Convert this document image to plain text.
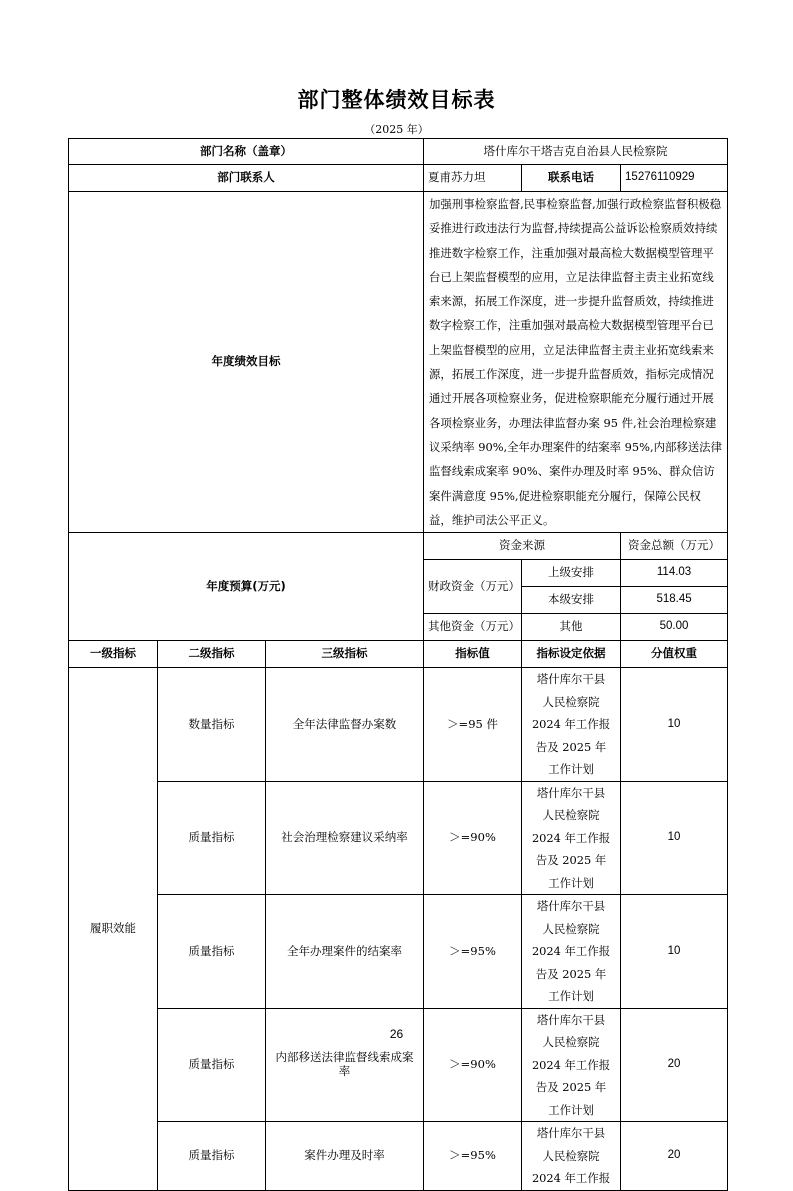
部门整体绩效目标表
（2025 年）
部门名称（盖章）			塔什库尔干塔吉克自治县人民检察院		
部门联系人			夏甫苏力坦	联系电话	15276110929
年度绩效目标			加强刑事检察监督,民事检察监督,加强行政检察监督积极稳妥推进行政违法行为监督,持续提高公益诉讼检察质效持续推进数字检察工作，注重加强对最高检大数据模型管理平台已上架监督模型的应用，立足法律监督主责主业拓宽线索来源，拓展工作深度，进一步提升监督质效，持续推进数字检察工作，注重加强对最高检大数据模型管理平台已上架监督模型的应用，立足法律监督主责主业拓宽线索来源，拓展工作深度，进一步提升监督质效，指标完成情况通过开展各项检察业务，促进检察职能充分履行通过开展各项检察业务，办理法律监督办案 95 件,社会治理检察建议采纳率 90%,全年办理案件的结案率 95%,内部移送法律监督线索成案率 90%、案件办理及时率 95%、群众信访案件满意度 95%,促进检察职能充分履行，保障公民权益，维护司法公平正义。		
年度预算(万元)			资金来源		资金总额（万元）
			财政资金（万元）	上级安排	114.03
				本级安排	518.45
			其他资金（万元）	其他	50.00
一级指标	二级指标	三级指标	指标值	指标设定依据	分值权重
履职效能	数量指标	全年法律监督办案数	＞=95 件	塔什库尔干县
人民检察院
2024 年工作报
告及 2025 年
工作计划	10
	质量指标	社会治理检察建议采纳率	＞=90%	塔什库尔干县
人民检察院
2024 年工作报
告及 2025 年
工作计划	10
	质量指标	全年办理案件的结案率	＞=95%	塔什库尔干县
人民检察院
2024 年工作报
告及 2025 年
工作计划	10
	质量指标	内部移送法律监督线索成案率	＞=90%	塔什库尔干县
人民检察院
2024 年工作报
告及 2025 年
工作计划	20
	质量指标	案件办理及时率	＞=95%	塔什库尔干县
人民检察院
2024 年工作报	20
26
